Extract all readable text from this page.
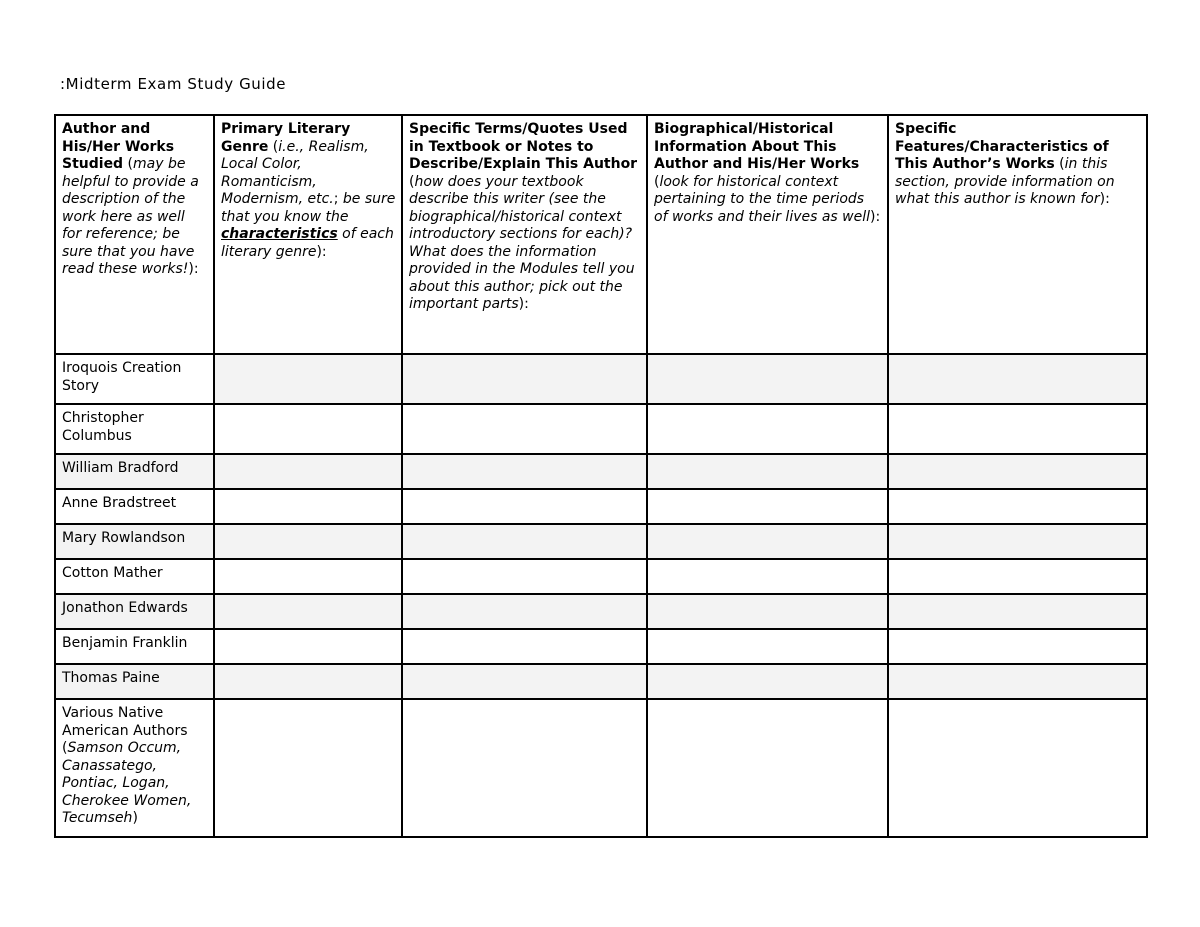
:Midterm Exam Study Guide
Author and His/Her Works Studied (may be helpful to provide a description of the work here as well for reference; be sure that you have read these works!):	Primary Literary Genre (i.e., Realism, Local Color, Romanticism, Modernism, etc.; be sure that you know the characteristics of each literary genre):	Specific Terms/Quotes Used in Textbook or Notes to Describe/Explain This Author (how does your textbook describe this writer (see the biographical/historical context introductory sections for each)? What does the information provided in the Modules tell you about this author; pick out the important parts):	Biographical/Historical Information About This Author and His/Her Works (look for historical context pertaining to the time periods of works and their lives as well):	Specific Features/Characteristics of This Author’s Works (in this section, provide information on what this author is known for):
Iroquois Creation Story				
Christopher Columbus				
William Bradford				
Anne Bradstreet				
Mary Rowlandson				
Cotton Mather				
Jonathon Edwards				
Benjamin Franklin				
Thomas Paine				
Various Native American Authors (Samson Occum, Canassatego, Pontiac, Logan, Cherokee Women, Tecumseh)				
